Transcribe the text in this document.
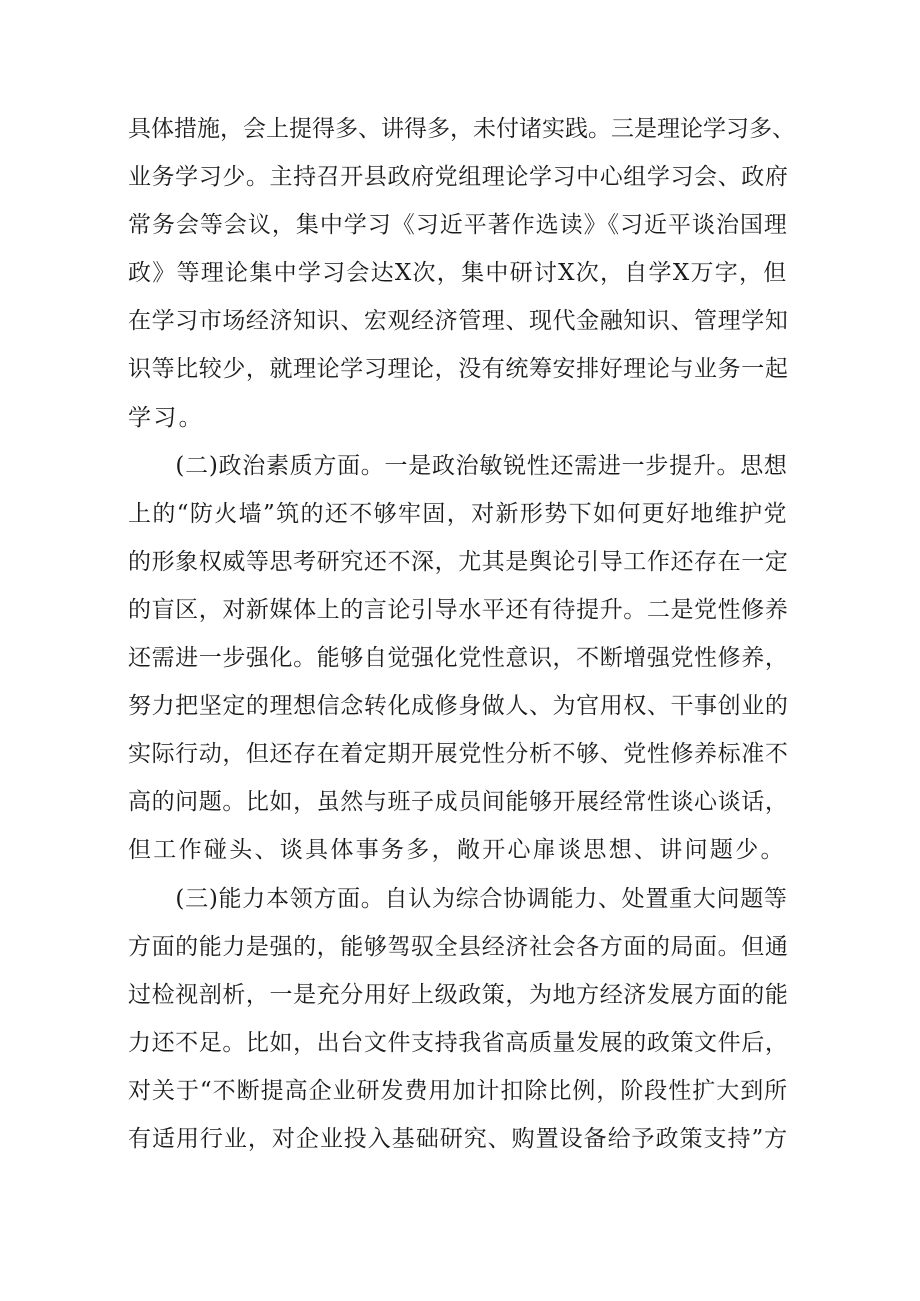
具体措施，会上提得多、讲得多，未付诸实践。三是理论学习多、
业务学习少。主持召开县政府党组理论学习中心组学习会、政府
常务会等会议，集中学习《习近平著作选读》《习近平谈治国理
政》等理论集中学习会达X次，集中研讨X次，自学X万字，但
在学习市场经济知识、宏观经济管理、现代金融知识、管理学知
识等比较少，就理论学习理论，没有统筹安排好理论与业务一起
学习。
　　(二)政治素质方面。一是政治敏锐性还需进一步提升。思想
上的“防火墙”筑的还不够牢固，对新形势下如何更好地维护党
的形象权威等思考研究还不深，尤其是舆论引导工作还存在一定
的盲区，对新媒体上的言论引导水平还有待提升。二是党性修养
还需进一步强化。能够自觉强化党性意识，不断增强党性修养，
努力把坚定的理想信念转化成修身做人、为官用权、干事创业的
实际行动，但还存在着定期开展党性分析不够、党性修养标准不
高的问题。比如，虽然与班子成员间能够开展经常性谈心谈话，
但工作碰头、谈具体事务多，敞开心扉谈思想、讲问题少。
　　(三)能力本领方面。自认为综合协调能力、处置重大问题等
方面的能力是强的，能够驾驭全县经济社会各方面的局面。但通
过检视剖析，一是充分用好上级政策，为地方经济发展方面的能
力还不足。比如，出台文件支持我省高质量发展的政策文件后，
对关于“不断提高企业研发费用加计扣除比例，阶段性扩大到所
有适用行业，对企业投入基础研究、购置设备给予政策支持”方
